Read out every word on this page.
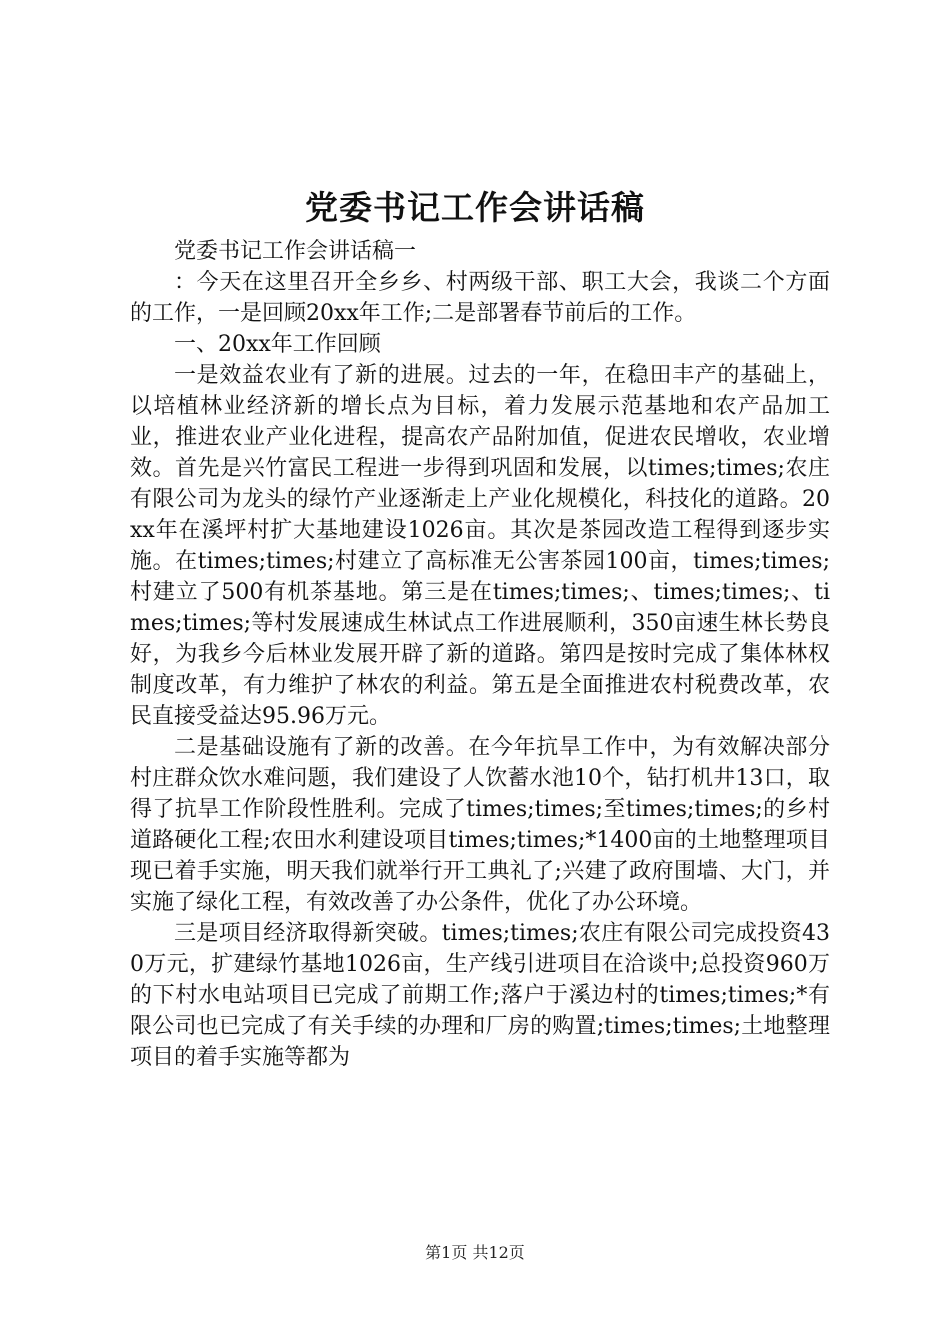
党委书记工作会讲话稿

党委书记工作会讲话稿一

：今天在这里召开全乡乡、村两级干部、职工大会，我谈二个方面的工作，一是回顾20xx年工作;二是部署春节前后的工作。

一、20xx年工作回顾

一是效益农业有了新的进展。过去的一年，在稳田丰产的基础上，以培植林业经济新的增长点为目标，着力发展示范基地和农产品加工业，推进农业产业化进程，提高农产品附加值，促进农民增收，农业增效。首先是兴竹富民工程进一步得到巩固和发展，以times;times;农庄有限公司为龙头的绿竹产业逐渐走上产业化规模化，科技化的道路。20xx年在溪坪村扩大基地建设1026亩。其次是茶园改造工程得到逐步实施。在times;times;村建立了高标准无公害茶园100亩，times;times;村建立了500有机茶基地。第三是在times;times;、times;times;、times;times;等村发展速成生林试点工作进展顺利，350亩速生林长势良好，为我乡今后林业发展开辟了新的道路。第四是按时完成了集体林权制度改革，有力维护了林农的利益。第五是全面推进农村税费改革，农民直接受益达95.96万元。

二是基础设施有了新的改善。在今年抗旱工作中，为有效解决部分村庄群众饮水难问题，我们建设了人饮蓄水池10个，钻打机井13口，取得了抗旱工作阶段性胜利。完成了times;times;至times;times;的乡村道路硬化工程;农田水利建设项目times;times;*1400亩的土地整理项目现已着手实施，明天我们就举行开工典礼了;兴建了政府围墙、大门，并实施了绿化工程，有效改善了办公条件，优化了办公环境。

三是项目经济取得新突破。times;times;农庄有限公司完成投资430万元，扩建绿竹基地1026亩，生产线引进项目在洽谈中;总投资960万的下村水电站项目已完成了前期工作;落户于溪边村的times;times;*有限公司也已完成了有关手续的办理和厂房的购置;times;times;土地整理项目的着手实施等都为

第1页 共12页
